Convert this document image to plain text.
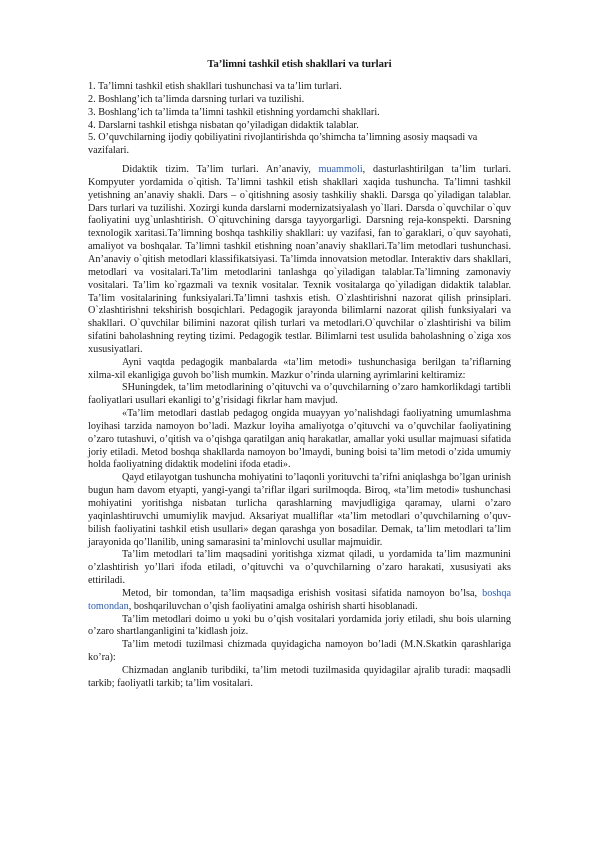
Ta’limni tashkil etish shakllari va turlari

1. Ta’limni tashkil etish shakllari tushunchasi va ta’lim turlari.

2. Boshlang’ich ta’limda darsning turlari va tuzilishi.

3. Boshlang’ich ta’limda ta’limni tashkil etishning yordamchi shakllari.

4. Darslarni tashkil etishga nisbatan qo’yiladigan didaktik talablar.

5. O’quvchilarning ijodiy qobiliyatini rivojlantirishda qo’shimcha ta’limning asosiy maqsadi va vazifalari.

Didaktik tizim. Ta’lim turlari. An’anaviy, muammoli, dasturlashtirilgan ta’lim turlari. Kompyuter yordamida o`qitish. Ta’limni tashkil etish shakllari xaqida tushuncha. Ta’limni tashkil yetishning an’anaviy shakli. Dars – o`qitishning asosiy tashkiliy shakli. Darsga qo`yiladigan talablar. Dars turlari va tuzilishi. Xozirgi kunda darslarni modernizatsiyalash yo`llari. Darsda o`quvchilar o`quv faoliyatini uyg`unlashtirish. O`qituvchining darsga tayyorgarligi. Darsning reja-konspekti. Darsning texnologik xaritasi.Ta’limning boshqa tashkiliy shakllari: uy vazifasi, fan to`garaklari, o`quv sayohati, amaliyot va boshqalar. Ta’limni tashkil etishning noan’anaviy shakllari.Ta’lim metodlari tushunchasi. An’anaviy o`qitish metodlari klassifikatsiyasi. Ta’limda innovatsion metodlar. Interaktiv dars shakllari, metodlari va vositalari.Ta’lim metodlarini tanlashga qo`yiladigan talablar.Ta’limning zamonaviy vositalari. Ta’lim ko`rgazmali va texnik vositalar. Texnik vositalarga qo`yiladigan didaktik talablar. Ta’lim vositalarining funksiyalari.Ta’limni tashxis etish. O`zlashtirishni nazorat qilish prinsiplari. O`zlashtirishni tekshirish bosqichlari. Pedagogik jarayonda bilimlarni nazorat qilish funksiyalari va shakllari. O`quvchilar bilimini nazorat qilish turlari va metodlari.O`quvchilar o`zlashtirishi va bilim sifatini baholashning reyting tizimi. Pedagogik testlar. Bilimlarni test usulida baholashning o`ziga xos xususiyatlari.

Ayni vaqtda pedagogik manbalarda «ta’lim metodi» tushunchasiga berilgan ta’riflarning xilma-xil ekanligiga guvoh bo’lish mumkin. Mazkur o’rinda ularning ayrimlarini keltiramiz:

SHuningdek, ta’lim metodlarining o’qituvchi va o’quvchilarning o’zaro hamkorlikdagi tartibli faoliyatlari usullari ekanligi to’g’risidagi fikrlar ham mavjud.

«Ta’lim metodlari dastlab pedagog ongida muayyan yo’nalishdagi faoliyatning umumlashma loyihasi tarzida namoyon bo’ladi. Mazkur loyiha amaliyotga o’qituvchi va o’quvchilar faoliyatining o’zaro tutashuvi, o’qitish va o’qishga qaratilgan aniq harakatlar, amallar yoki usullar majmuasi sifatida joriy etiladi. Metod boshqa shakllarda namoyon bo’lmaydi, buning boisi ta’lim metodi o’zida umumiy holda faoliyatning didaktik modelini ifoda etadi».

Qayd etilayotgan tushuncha mohiyatini to’laqonli yorituvchi ta’rifni aniqlashga bo’lgan urinish bugun ham davom etyapti, yangi-yangi ta’riflar ilgari surilmoqda. Biroq, «ta’lim metodi» tushunchasi mohiyatini yoritishga nisbatan turlicha qarashlarning mavjudligiga qaramay, ularni o’zaro yaqinlashtiruvchi umumiylik mavjud. Aksariyat mualliflar «ta’lim metodlari o’quvchilarning o’quv-bilish faoliyatini tashkil etish usullari» degan qarashga yon bosadilar. Demak, ta’lim metodlari ta’lim jarayonida qo’llanilib, uning samarasini ta’minlovchi usullar majmuidir.

Ta’lim metodlari ta’lim maqsadini yoritishga xizmat qiladi, u yordamida ta’lim mazmunini o’zlashtirish yo’llari ifoda etiladi, o’qituvchi va o’quvchilarning o’zaro harakati, xususiyati aks ettiriladi.

Metod, bir tomondan, ta’lim maqsadiga erishish vositasi sifatida namoyon bo’lsa, boshqa tomondan, boshqariluvchan o’qish faoliyatini amalga oshirish sharti hisoblanadi.

Ta’lim metodlari doimo u yoki bu o’qish vositalari yordamida joriy etiladi, shu bois ularning o’zaro shartlanganligini ta’kidlash joiz.

Ta’lim metodi tuzilmasi chizmada quyidagicha namoyon bo’ladi (M.N.Skatkin qarashlariga ko’ra):

Chizmadan anglanib turibdiki, ta’lim metodi tuzilmasida quyidagilar ajralib turadi: maqsadli tarkib; faoliyatli tarkib; ta’lim vositalari.
